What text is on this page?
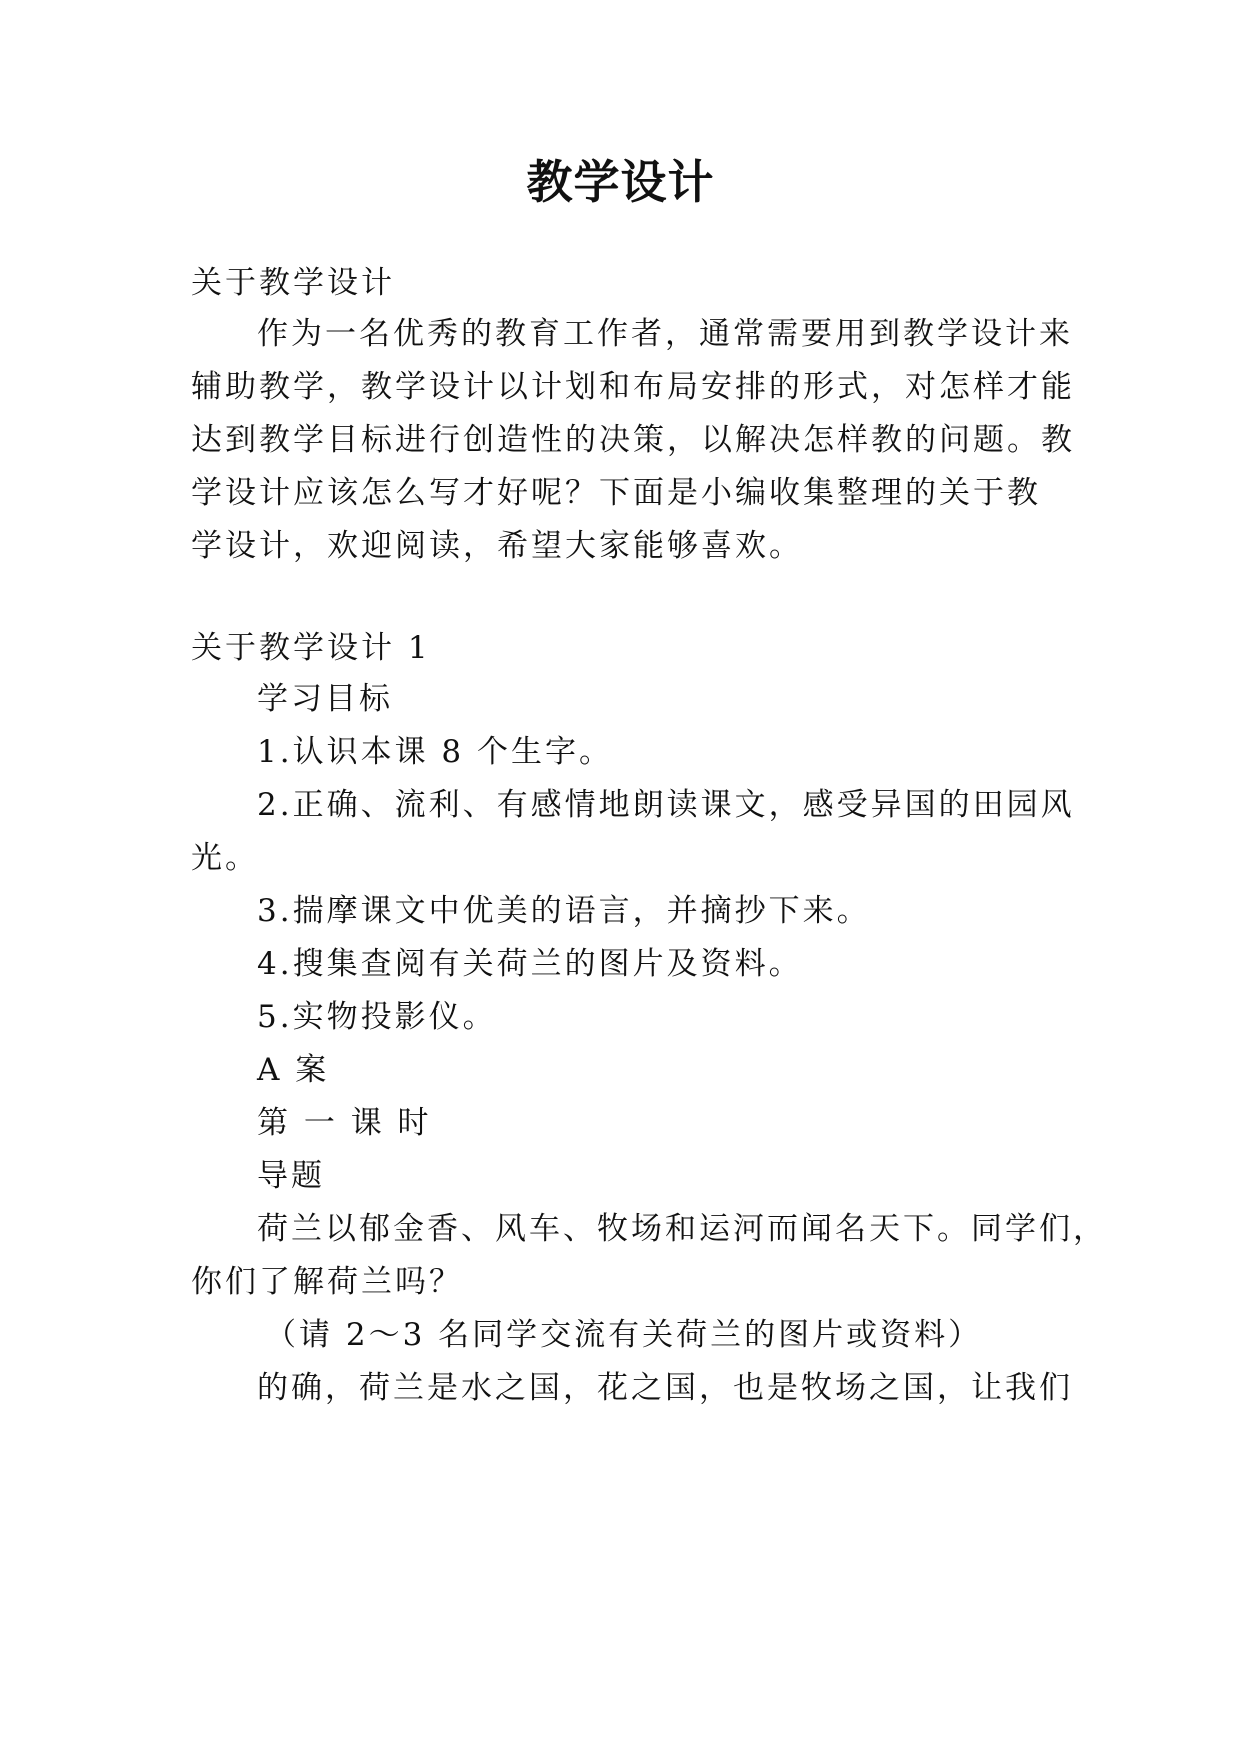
教学设计
关于教学设计
作为一名优秀的教育工作者，通常需要用到教学设计来
辅助教学，教学设计以计划和布局安排的形式，对怎样才能
达到教学目标进行创造性的决策，以解决怎样教的问题。教
学设计应该怎么写才好呢？下面是小编收集整理的关于教
学设计，欢迎阅读，希望大家能够喜欢。
关于教学设计 1
学习目标
1.认识本课 8 个生字。
2.正确、流利、有感情地朗读课文，感受异国的田园风
光。
3.揣摩课文中优美的语言，并摘抄下来。
4.搜集查阅有关荷兰的图片及资料。
5.实物投影仪。
A 案
第 一 课 时
导题
荷兰以郁金香、风车、牧场和运河而闻名天下。同学们，
你们了解荷兰吗？
（请 2～3 名同学交流有关荷兰的图片或资料）
的确，荷兰是水之国，花之国，也是牧场之国，让我们
